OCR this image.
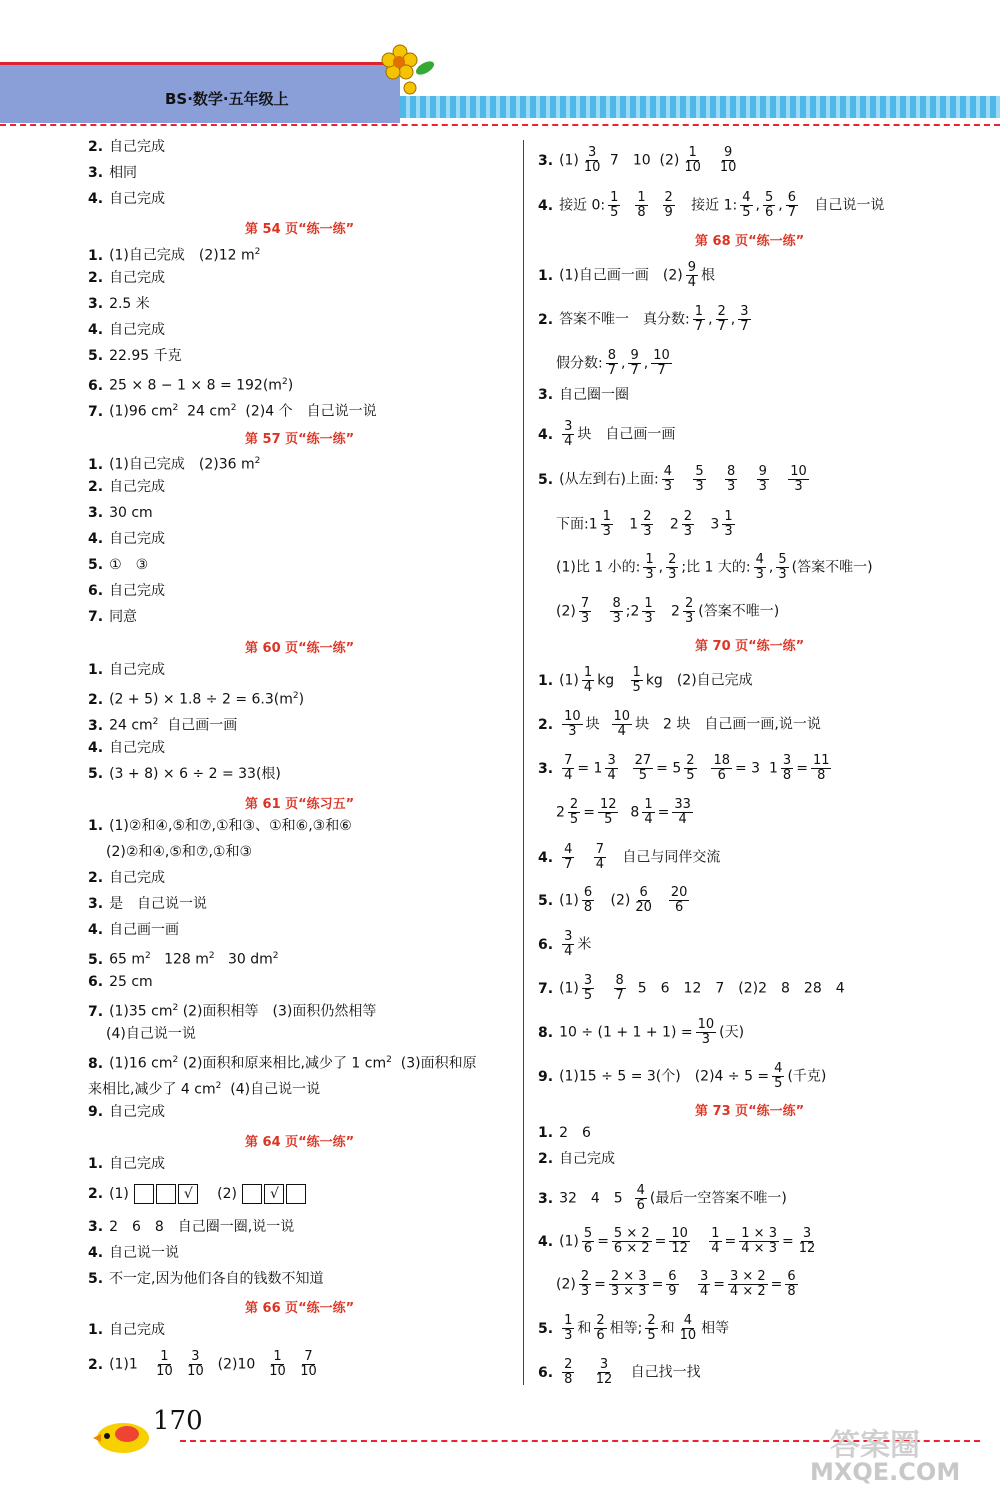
BS·数学·五年级上
2. 自己完成
3. 相同
4. 自己完成
第 54 页“练一练”
1. (1)自己完成　(2)12 $m^2$
2. 自己完成
3. 2.5 米
4. 自己完成
5. 22.95 千克
6. $25 \times 8 - 1 \times 8 = 192(m^2)$
7. (1)96 $cm^2$ 24 $cm^2$ (2)4 个　自己说一说
第 57 页“练一练”
1. (1)自己完成　(2)36 $m^2$
2. 自己完成
3. 30 cm
4. 自己完成
5. ①　③
6. 自己完成
7. 同意
第 60 页“练一练”
1. 自己完成
2. $(2 + 5) \times 1.8 \div 2 = 6.3(m^2)$
3. 24 $cm^2$ 自己画一画
4. 自己完成
5. (3 + 8) × 6 ÷ 2 = 33(根)
第 61 页“练习五”
1. (1)②和④,⑤和⑦,①和③、①和⑥,③和⑥
(2)②和④,⑤和⑦,①和③
2. 自己完成
3. 是　自己说一说
4. 自己画一画
5. 65 $m^2$ 128 $m^2$ 30 $dm^2$
6. 25 cm
7. (1)35 $cm^2$ (2)面积相等　(3)面积仍然相等
(4)自己说一说
8. (1)16 $cm^2$ (2)面积和原来相比,减少了 1 $cm^2$ (3)面积和原
来相比,减少了 4 $cm^2$ (4)自己说一说
9. 自己完成
第 64 页“练一练”
1. 自己完成
2. (1)	√ (2) √
3. 2　6　8　自己圈一圈,说一说
4. 自己说一说
5. 不一定,因为他们各自的钱数不知道
第 66 页“练一练”
1. 自己完成
2. $(1)1 \frac{1}{10}$
$\frac{3}{10} (2)10 \frac{1}{10}$
$\frac{7}{10}$
3. $(1) \frac{3}{10} 7$　10 $(2) \frac{1}{10}$
$\frac{9}{10}$
4. 接近 0: $\frac{1}{5}$
$\frac{1}{8}$
$\frac{2}{9}$ 接近 1: $\frac{4}{5}$ , $\frac{5}{6}$ , $\frac{6}{7}$ 自己说一说
第 68 页“练一练”
1. (1)自己画一画　$(2) \frac{9}{4}$ 根
2. 答案不唯一　真分数: $\frac{1}{7}$ , $\frac{2}{7}$ , $\frac{3}{7}$
假分数: $\frac{8}{7}$ , $\frac{9}{7}$ , $\frac{10}{7}$
3. 自己圈一圈
4. $\frac{3}{4}$ 块　自己画一画
5. (从左到右)上面: $\frac{4}{3}$
$\frac{5}{3}$
$\frac{8}{3}$
$\frac{9}{3}$
$\frac{10}{3}$
下面:1 $\frac{1}{3} 1 \frac{2}{3} 2 \frac{2}{3} 3 \frac{1}{3}$
(1)比 1 小的: $\frac{1}{3}$ , $\frac{2}{3}$ ;比 1 大的: $\frac{4}{3}$ , $\frac{5}{3}$ (答案不唯一)
$(2) \frac{7}{3}$
$\frac{8}{3}$ ;2 $\frac{1}{3} 2 \frac{2}{3}$ (答案不唯一)
第 70 页“练一练”
1. $(1) \frac{1}{4}$ kg $\frac{1}{5}$ kg　(2)自己完成
2. $\frac{10}{3}$ 块 $\frac{10}{4}$ 块　2 块　自己画一画,说一说
3. $\frac{7}{4} = 1 \frac{3}{4}$
$\frac{27}{5} = 5 \frac{2}{5}$
$\frac{18}{6} = 3$ $1 \frac{3}{8} = \frac{11}{8}$
$2 \frac{2}{5} = \frac{12}{5} 8 \frac{1}{4} = \frac{33}{4}$
4. $\frac{4}{7}$
$\frac{7}{4}$ 自己与同伴交流
5. $(1) \frac{6}{8} (2) \frac{6}{20}$
$\frac{20}{6}$
6. $\frac{3}{4}$ 米
7. $(1) \frac{3}{5}$
$\frac{8}{7} 5$　6　12　7　(2)2　8　28　4
8. $10 \div (1 + 1 + 1) = \frac{10}{3}$ (天)
9. (1)15 ÷ 5 = 3(个)　$(2)4 \div 5 = \frac{4}{5}$ (千克)
第 73 页“练一练”
1. 2　6
2. 自己完成
3. 32　4　$5 \frac{4}{6}$ (最后一空答案不唯一)
4. $(1) \frac{5}{6} = \frac{5 \times 2}{6 \times 2} = \frac{10}{12}$
$\frac{1}{4} = \frac{1 \times 3}{4 \times 3} = \frac{3}{12}$
$(2) \frac{2}{3} = \frac{2 \times 3}{3 \times 3} = \frac{6}{9}$
$\frac{3}{4} = \frac{3 \times 2}{4 \times 2} = \frac{6}{8}$
5. $\frac{1}{3}$ 和 $\frac{2}{6}$ 相等; $\frac{2}{5}$ 和 $\frac{4}{10}$ 相等
6. $\frac{2}{8}$
$\frac{3}{12}$ 自己找一找
170
答案圈
MXQE.COM
